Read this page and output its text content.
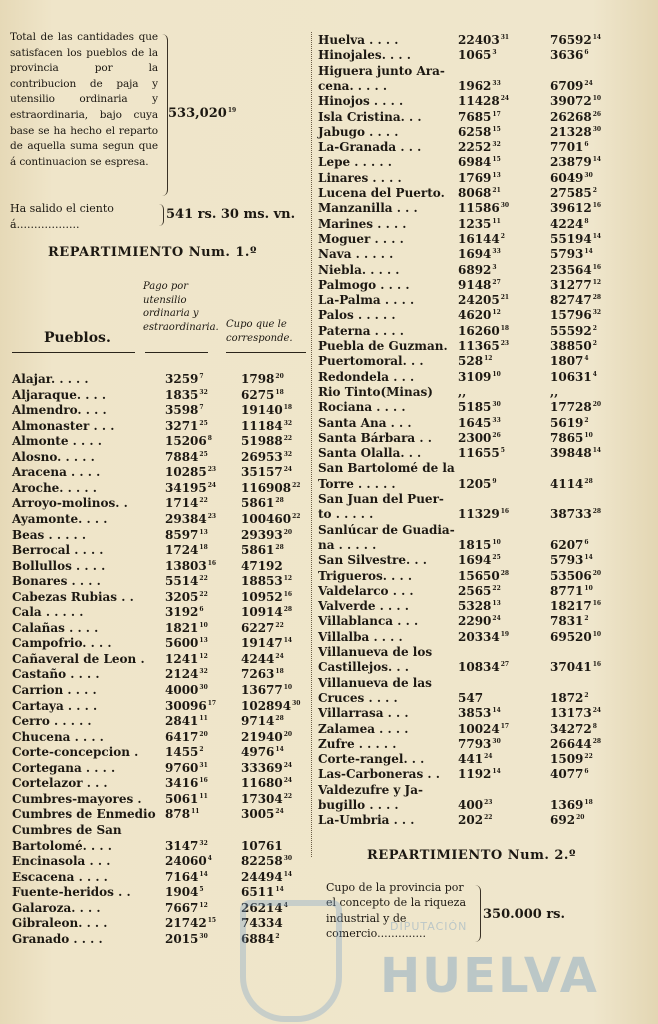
Total de las cantidades que satisfacen los pueblos de la provincia por la contribucion de paja y utensilio ordinaria y estraordinaria, bajo cuya base se ha hecho el reparto de aquella suma segun que á continuacion se espresa.
533,020$^{19}$
Ha salido el ciento á..................
541 rs. 30 ms. vn.
REPARTIMIENTO Num. 1.º
Pago por utensilio ordinaria y estraordinaria. Cupo que le corresponde.
Pueblos.
Alajar. . . . .	3259$^7$	1798$^{20}$
Aljaraque. . . .	1835$^{32}$	6275$^{18}$
Almendro. . . .	3598$^7$	19140$^{18}$
Almonaster . . .	3271$^{25}$	11184$^{32}$
Almonte . . . .	15206$^8$ 51988$^{22}$
Alosno. . . . .	7884$^{25}$	26953$^{32}$
Aracena . . . .	10285$^{23}$ 35157$^{24}$
Aroche. . . . .	34195$^{24}$ 116908$^{22}$
Arroyo-molinos. .	1714$^{22}$	5861$^{28}$
Ayamonte. . . .	29384$^{23}$ 100460$^{22}$
Beas . . . . .	8597$^{13}$	29393$^{20}$
Berrocal . . . .	1724$^{18}$	5861$^{28}$
Bollullos . . . .	13803$^{16}$ 47192
Bonares . . . .	5514$^{22}$	18853$^{12}$
Cabezas Rubias . .	3205$^{22}$	10952$^{16}$
Cala . . . . .	3192$^6$	10914$^{28}$
Calañas . . . .	1821$^{10}$	6227$^{22}$
Campofrio. . . .	5600$^{13}$	19147$^{14}$
Cañaveral de Leon . 1241$^{12}$	4244$^{24}$
Castaño . . . .	2124$^{32}$	7263$^{18}$
Carrion . . . .	4000$^{30}$	13677$^{10}$
Cartaya . . . .	30096$^{17}$ 102894$^{30}$
Cerro . . . . .	2841$^{11}$	9714$^{28}$
Chucena . . . .	6417$^{20}$	21940$^{20}$
Corte-concepcion . 1455$^2$	4976$^{14}$
Cortegana . . . .	9760$^{31}$	33369$^{24}$
Cortelazor . . .	3416$^{16}$	11680$^{24}$
Cumbres-mayores . 5061$^{11}$	17304$^{22}$
Cumbres de Enmedio $878^{11}$	3005$^{24}$
Cumbres de San
Bartolomé. . . .	3147$^{32}$	10761
Encinasola . . .	24060$^4$ 82258$^{30}$
Escacena . . . .	7164$^{14}$	24494$^{14}$
Fuente-heridos . .	1904$^5$	6511$^{14}$
Galaroza. . . .	7667$^{12}$	26214$^4$
Gibraleon. . . .	21742$^{15}$ 74334
Granado . . . .	2015$^{30}$	6884$^2$
Huelva . . . .	22403$^{31}$	76592$^{14}$
Hinojales. . . .	1065$^3$	3636$^6$
Higuera junto Ara-
cena. . . . .	1962$^{33}$	6709$^{24}$
Hinojos . . . .	11428$^{24}$	39072$^{10}$
Isla Cristina. . .	7685$^{17}$	26268$^{26}$
Jabugo . . . .	6258$^{15}$	21328$^{30}$
La-Granada . . .	2252$^{32}$	7701$^6$
Lepe . . . . .	6984$^{15}$	23879$^{14}$
Linares . . . .	1769$^{13}$	6049$^{30}$
Lucena del Puerto. 8068$^{21}$	27585$^2$
Manzanilla . . .	11586$^{30}$	39612$^{16}$
Marines . . . .	1235$^{11}$	4224$^8$
Moguer . . . .	16144$^2$	55194$^{14}$
Nava . . . . .	1694$^{33}$	5793$^{14}$
Niebla. . . . .	6892$^3$	23564$^{16}$
Palmogo . . . .	9148$^{27}$	31277$^{12}$
La-Palma . . . .	24205$^{21}$	82747$^{28}$
Palos . . . . .	4620$^{12}$	15796$^{32}$
Paterna . . . .	16260$^{18}$	55592$^2$
Puebla de Guzman. 11365$^{23}$	38850$^2$
Puertomoral. . .	$528^{12}$	1807$^4$
Redondela . . .	3109$^{10}$	10631$^4$
Rio Tinto(Minas) ,,	,,
Rociana . . . .	5185$^{30}$	17728$^{20}$
Santa Ana . . .	1645$^{33}$	5619$^2$
Santa Bárbara . . 2300$^{26}$	7865$^{10}$
Santa Olalla. . .	11655$^5$	39848$^{14}$
San Bartolomé de la
Torre . . . . .	1205$^9$	4114$^{28}$
San Juan del Puer-
to . . . . .	11329$^{16}$	38733$^{28}$
Sanlúcar de Guadia-
na . . . . .	1815$^{10}$	6207$^6$
San Silvestre. . .	1694$^{25}$	5793$^{14}$
Trigueros. . . .	15650$^{28}$	53506$^{20}$
Valdelarco . . .	2565$^{22}$	8771$^{10}$
Valverde . . . .	5328$^{13}$	18217$^{16}$
Villablanca . . .	2290$^{24}$	7831$^2$
Villalba . . . .	20334$^{19}$	69520$^{10}$
Villanueva de los
Castillejos. . .	10834$^{27}$	37041$^{16}$
Villanueva de las
Cruces . . . .	547	1872$^2$
Villarrasa . . .	3853$^{14}$	13173$^{24}$
Zalamea . . . .	10024$^{17}$	34272$^8$
Zufre . . . . .	7793$^{30}$	26644$^{28}$
Corte-rangel. . .	$441^{24}$	1509$^{22}$
Las-Carboneras . . 1192$^{14}$	4077$^6$
Valdezufre y Ja-
bugillo . . . .	$400^{23}$	1369$^{18}$
La-Umbria . . .	$202^{22}$	$692^{20}$
REPARTIMIENTO Num. 2.º
Cupo de la provincia por el concepto de la riqueza industrial y de comercio..............
350.000 rs.
DIPUTACIÓN
HUELVA
